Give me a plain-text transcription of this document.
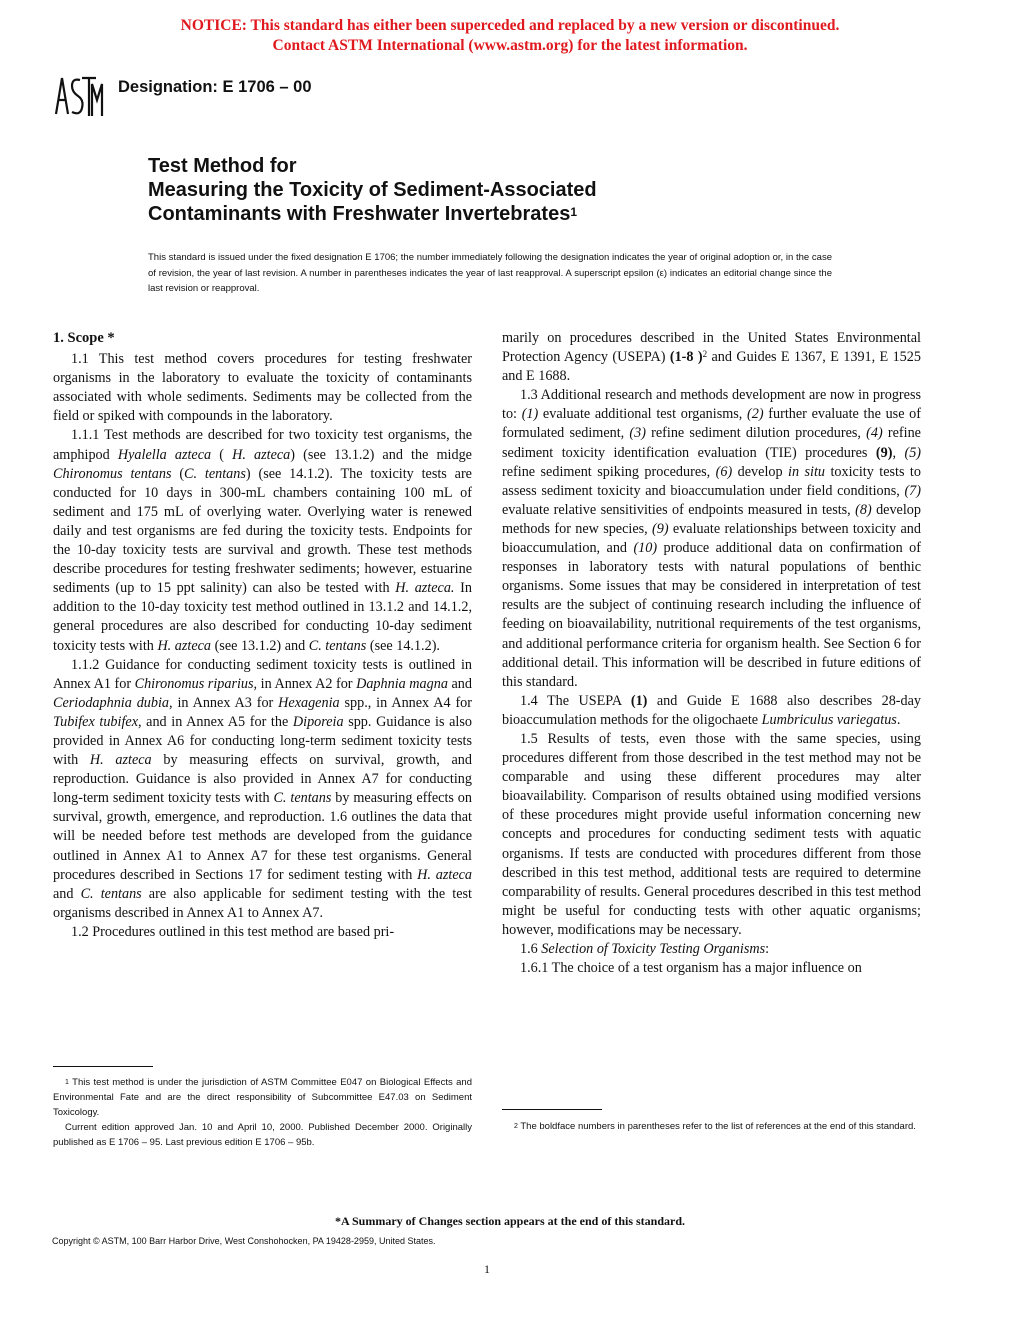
NOTICE: This standard has either been superceded and replaced by a new version or discontinued.
Contact ASTM International (www.astm.org) for the latest information.
ASTM
Designation: E 1706 – 00
Test Method for
Measuring the Toxicity of Sediment-Associated
Contaminants with Freshwater Invertebrates$^1$
This standard is issued under the fixed designation E 1706; the number immediately following the designation indicates the year of original adoption or, in the case of revision, the year of last revision. A number in parentheses indicates the year of last reapproval. A superscript epsilon (ε) indicates an editorial change since the last revision or reapproval.
1. Scope *

1.1 This test method covers procedures for testing freshwater organisms in the laboratory to evaluate the toxicity of contaminants associated with whole sediments. Sediments may be collected from the field or spiked with compounds in the laboratory.

1.1.1 Test methods are described for two toxicity test organisms, the amphipod Hyalella azteca ( H. azteca) (see 13.1.2) and the midge Chironomus tentans (C. tentans) (see 14.1.2). The toxicity tests are conducted for 10 days in 300-mL chambers containing 100 mL of sediment and 175 mL of overlying water. Overlying water is renewed daily and test organisms are fed during the toxicity tests. Endpoints for the 10-day toxicity tests are survival and growth. These test methods describe procedures for testing freshwater sediments; however, estuarine sediments (up to 15 ppt salinity) can also be tested with H. azteca. In addition to the 10-day toxicity test method outlined in 13.1.2 and 14.1.2, general procedures are also described for conducting 10-day sediment toxicity tests with H. azteca (see 13.1.2) and C. tentans (see 14.1.2).

1.1.2 Guidance for conducting sediment toxicity tests is outlined in Annex A1 for Chironomus riparius, in Annex A2 for Daphnia magna and Ceriodaphnia dubia, in Annex A3 for Hexagenia spp., in Annex A4 for Tubifex tubifex, and in Annex A5 for the Diporeia spp. Guidance is also provided in Annex A6 for conducting long-term sediment toxicity tests with H. azteca by measuring effects on survival, growth, and reproduction. Guidance is also provided in Annex A7 for conducting long-term sediment toxicity tests with C. tentans by measuring effects on survival, growth, emergence, and reproduction. 1.6 outlines the data that will be needed before test methods are developed from the guidance outlined in Annex A1 to Annex A7 for these test organisms. General procedures described in Sections 17 for sediment testing with H. azteca and C. tentans are also applicable for sediment testing with the test organisms described in Annex A1 to Annex A7.

1.2 Procedures outlined in this test method are based pri-

$^1$ This test method is under the jurisdiction of ASTM Committee E047 on Biological Effects and Environmental Fate and are the direct responsibility of Subcommittee E47.03 on Sediment Toxicology.

Current edition approved Jan. 10 and April 10, 2000. Published December 2000. Originally published as E 1706 – 95. Last previous edition E 1706 – 95b.

marily on procedures described in the United States Environmental Protection Agency (USEPA) (1-8 )$^2$ and Guides E 1367, E 1391, E 1525 and E 1688.

1.3 Additional research and methods development are now in progress to: (1) evaluate additional test organisms, (2) further evaluate the use of formulated sediment, (3) refine sediment dilution procedures, (4) refine sediment toxicity identification evaluation (TIE) procedures (9), (5) refine sediment spiking procedures, (6) develop in situ toxicity tests to assess sediment toxicity and bioaccumulation under field conditions, (7) evaluate relative sensitivities of endpoints measured in tests, (8) develop methods for new species, (9) evaluate relationships between toxicity and bioaccumulation, and (10) produce additional data on confirmation of responses in laboratory tests with natural populations of benthic organisms. Some issues that may be considered in interpretation of test results are the subject of continuing research including the influence of feeding on bioavailability, nutritional requirements of the test organisms, and additional performance criteria for organism health. See Section 6 for additional detail. This information will be described in future editions of this standard.

1.4 The USEPA (1) and Guide E 1688 also describes 28-day bioaccumulation methods for the oligochaete Lumbriculus variegatus.

1.5 Results of tests, even those with the same species, using procedures different from those described in the test method may not be comparable and using these different procedures may alter bioavailability. Comparison of results obtained using modified versions of these procedures might provide useful information concerning new concepts and procedures for conducting sediment tests with aquatic organisms. If tests are conducted with procedures different from those described in this test method, additional tests are required to determine comparability of results. General procedures described in this test method might be useful for conducting tests with other aquatic organisms; however, modifications may be necessary.

1.6 Selection of Toxicity Testing Organisms:

1.6.1 The choice of a test organism has a major influence on

$^2$ The boldface numbers in parentheses refer to the list of references at the end of this standard.

*A Summary of Changes section appears at the end of this standard.
Copyright © ASTM, 100 Barr Harbor Drive, West Conshohocken, PA 19428-2959, United States.
1
